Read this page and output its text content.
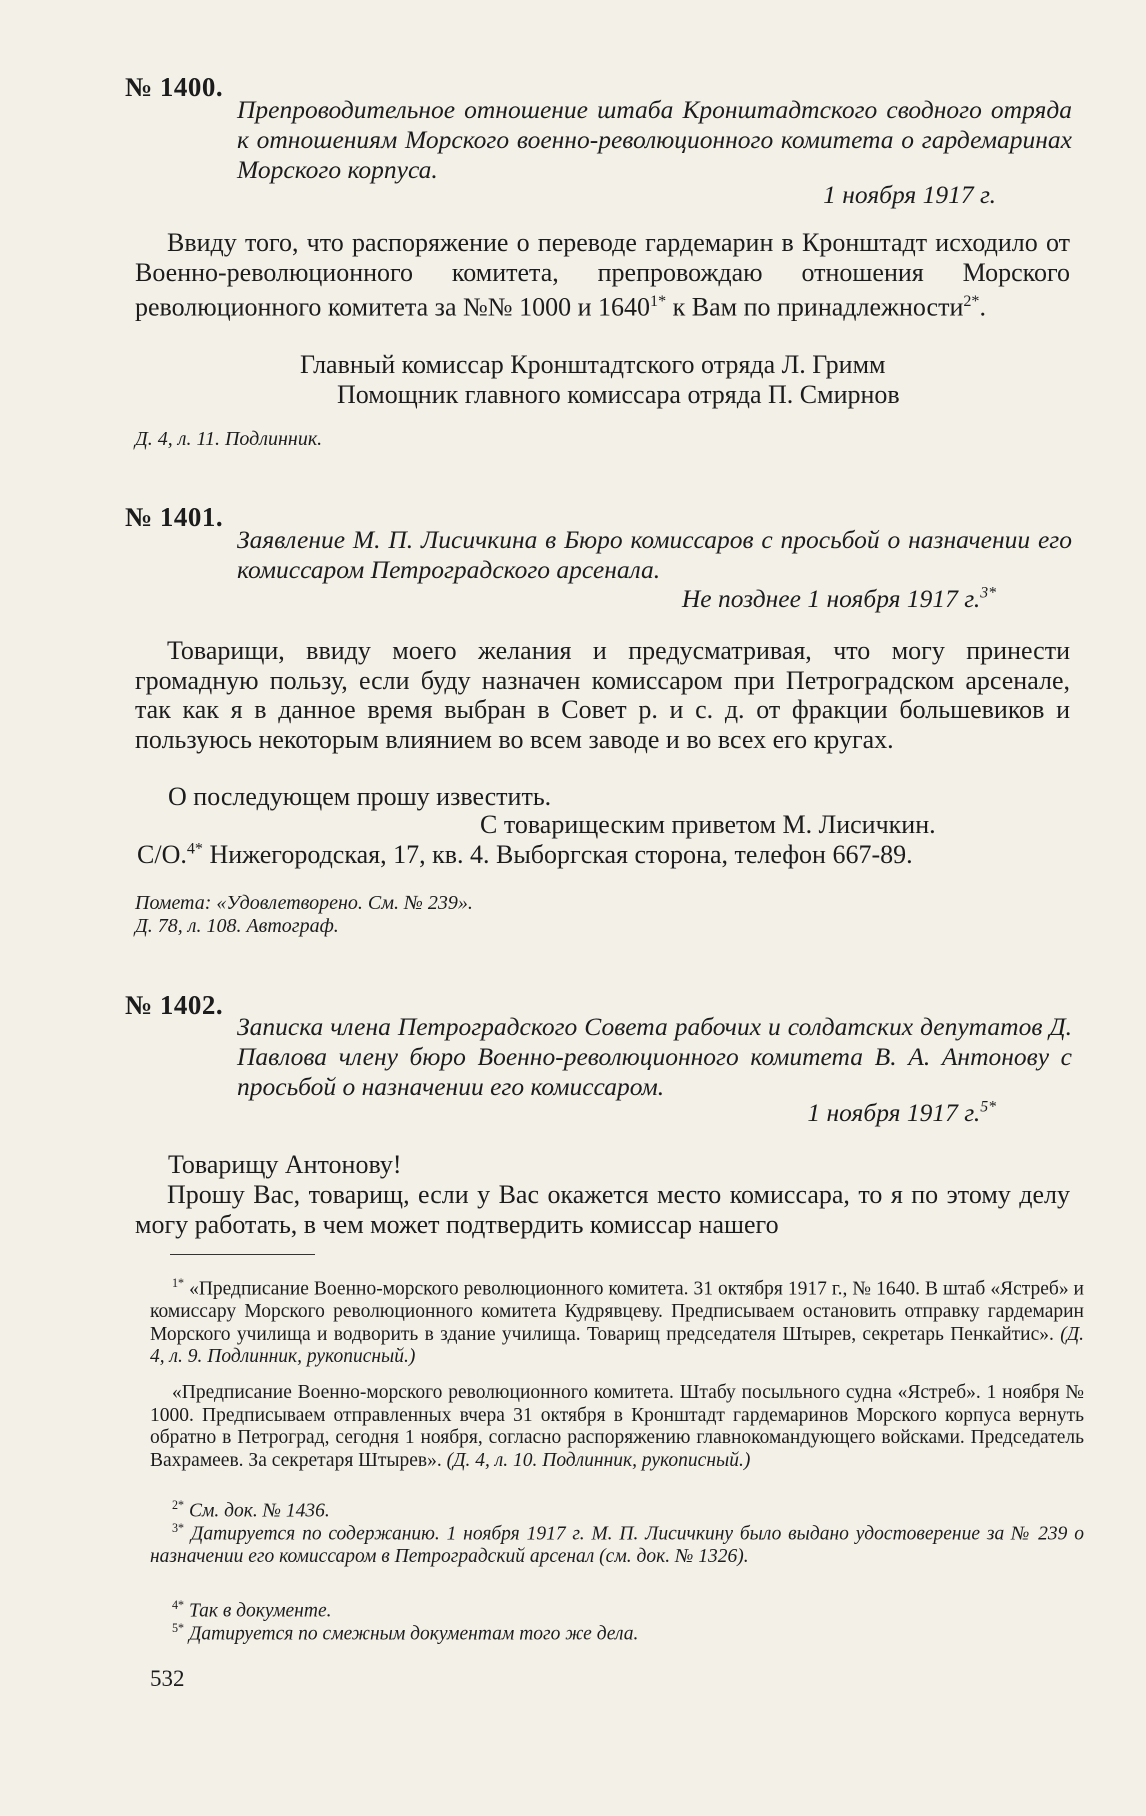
№ 1400.
Препроводительное отношение штаба Кронштадтского сводного отряда к отношениям Морского военно-революционного комитета о гардемаринах Морского корпуса.
1 ноября 1917 г.
Ввиду того, что распоряжение о переводе гардемарин в Кронштадт исходило от Военно-революционного комитета, препровождаю отношения Морского революционного комитета за №№ 1000 и $1640^{1*}$ к Вам по принадлежности$^{2*}$.
Главный комиссар Кронштадтского отряда Л. Гримм
Помощник главного комиссара отряда П. Смирнов
Д. 4, л. 11. Подлинник.
№ 1401.
Заявление М. П. Лисичкина в Бюро комиссаров с просьбой о назначении его комиссаром Петроградского арсенала.
Не позднее 1 ноября 1917 г.$^{3*}$
Товарищи, ввиду моего желания и предусматривая, что могу принести громадную пользу, если буду назначен комиссаром при Петроградском арсенале, так как я в данное время выбран в Совет р. и с. д. от фракции большевиков и пользуюсь некоторым влиянием во всем заводе и во всех его кругах.
О последующем прошу известить.
С товарищеским приветом М. Лисичкин.
С/О.$^{4*}$ Нижегородская, 17, кв. 4. Выборгская сторона, телефон 667-89.
Помета: «Удовлетворено. См. № 239».
Д. 78, л. 108. Автограф.
№ 1402.
Записка члена Петроградского Совета рабочих и солдатских депутатов Д. Павлова члену бюро Военно-революционного комитета В. А. Антонову с просьбой о назначении его комиссаром.
1 ноября 1917 г.$^{5*}$
Товарищу Антонову!
Прошу Вас, товарищ, если у Вас окажется место комиссара, то я по этому делу могу работать, в чем может подтвердить комиссар нашего
$^{1*}$ «Предписание Военно-морского революционного комитета. 31 октября 1917 г., № 1640. В штаб «Ястреб» и комиссару Морского революционного комитета Кудрявцеву. Предписываем остановить отправку гардемарин Морского училища и водворить в здание училища. Товарищ председателя Штырев, секретарь Пенкайтис». (Д. 4, л. 9. Подлинник, рукописный.)
«Предписание Военно-морского революционного комитета. Штабу посыльного судна «Ястреб». 1 ноября № 1000. Предписываем отправленных вчера 31 октября в Кронштадт гардемаринов Морского корпуса вернуть обратно в Петроград, сегодня 1 ноября, согласно распоряжению главнокомандующего войсками. Председатель Вахрамеев. За секретаря Штырев». (Д. 4, л. 10. Подлинник, рукописный.)
$^{2*}$ См. док. № 1436.
$^{3*}$ Датируется по содержанию. 1 ноября 1917 г. М. П. Лисичкину было выдано удостоверение за № 239 о назначении его комиссаром в Петроградский арсенал (см. док. № 1326).
$^{4*}$ Так в документе.
$^{5*}$ Датируется по смежным документам того же дела.
532
